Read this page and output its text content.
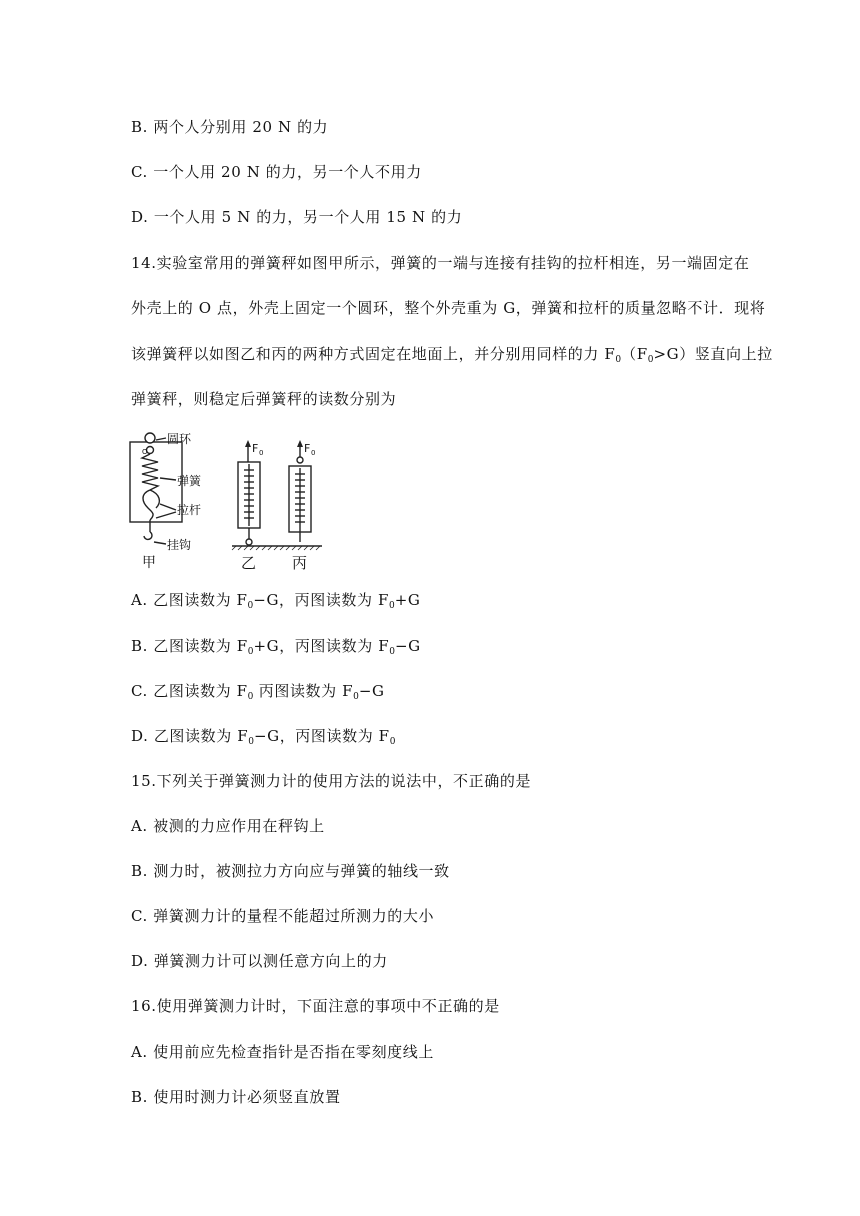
B. 两个人分别用 20 N 的力
C. 一个人用 20 N 的力，另一个人不用力
D. 一个人用 5 N 的力，另一个人用 15 N 的力
14.实验室常用的弹簧秤如图甲所示，弹簧的一端与连接有挂钩的拉杆相连，另一端固定在
外壳上的 O 点，外壳上固定一个圆环，整个外壳重为 G，弹簧和拉杆的质量忽略不计．现将
该弹簧秤以如图乙和丙的两种方式固定在地面上，并分别用同样的力 $F_0(F_0>G)$竖直向上拉
弹簧秤，则稳定后弹簧秤的读数分别为
圆环
O
弹簧
拉杆
挂钩
甲	乙 丙
F 0	F 0
A. 乙图读数为 $F_0-G$，丙图读数为 $F_0+G$
B. 乙图读数为 $F_0+G$，丙图读数为 $F_0-G$
C. 乙图读数为 $F_0$ 丙图读数为 $F_0-G$
D. 乙图读数为 $F_0-G$，丙图读数为 $F_0$
15.下列关于弹簧测力计的使用方法的说法中，不正确的是
A. 被测的力应作用在秤钩上
B. 测力时，被测拉力方向应与弹簧的轴线一致
C. 弹簧测力计的量程不能超过所测力的大小
D. 弹簧测力计可以测任意方向上的力
16.使用弹簧测力计时，下面注意的事项中不正确的是
A. 使用前应先检查指针是否指在零刻度线上
B. 使用时测力计必须竖直放置
